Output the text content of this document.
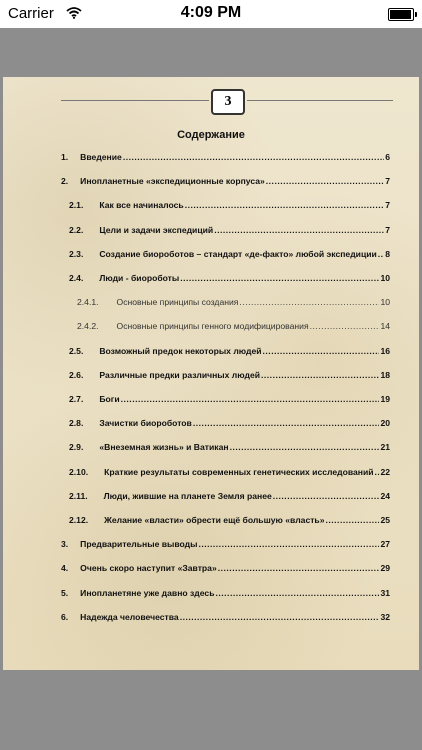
Carrier	4:09 PM
3
Содержание
1. Введение .....	6
2. Инопланетные «экспедиционные корпуса» .....	7
2.1. Как все начиналось .....	7
2.2. Цели и задачи экспедиций .....	7
2.3. Создание биороботов – стандарт «де-факто» любой экспедиции ..... 8
2.4. Люди - биороботы .....	10
2.4.1. Основные принципы создания .....	10
2.4.2. Основные принципы генного модифицирования .....	14
2.5. Возможный предок некоторых людей .....	16
2.6. Различные предки различных людей .....	18
2.7. Боги .....	19
2.8. Зачистки биороботов .....	20
2.9. «Внеземная жизнь» и Ватикан .....	21
2.10. Краткие результаты современных генетических исследований ..... 22
2.11. Люди, жившие на планете Земля ранее .....	24
2.12. Желание «власти» обрести ещё большую «власть» .....	25
3. Предварительные выводы .....	27
4. Очень скоро наступит «Завтра» .....	29
5. Инопланетяне уже давно здесь .....	31
6. Надежда человечества .....	32
